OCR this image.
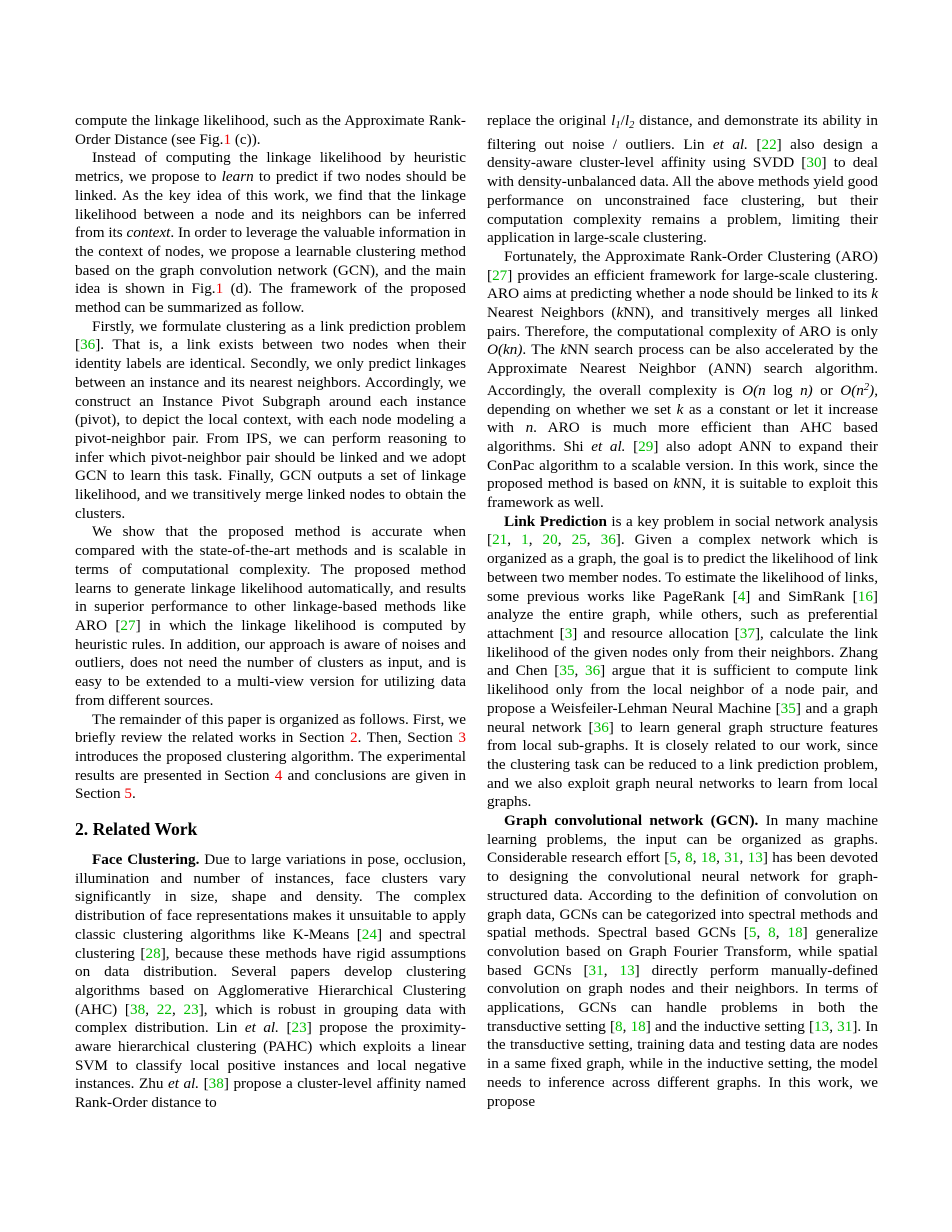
compute the linkage likelihood, such as the Approximate Rank-Order Distance (see Fig.1 (c)).

Instead of computing the linkage likelihood by heuristic metrics, we propose to learn to predict if two nodes should be linked. As the key idea of this work, we find that the linkage likelihood between a node and its neighbors can be inferred from its context. In order to leverage the valuable information in the context of nodes, we propose a learnable clustering method based on the graph convolution network (GCN), and the main idea is shown in Fig.1 (d). The framework of the proposed method can be summarized as follow.

Firstly, we formulate clustering as a link prediction problem [36]. That is, a link exists between two nodes when their identity labels are identical. Secondly, we only predict linkages between an instance and its nearest neighbors. Accordingly, we construct an Instance Pivot Subgraph around each instance (pivot), to depict the local context, with each node modeling a pivot-neighbor pair. From IPS, we can perform reasoning to infer which pivot-neighbor pair should be linked and we adopt GCN to learn this task. Finally, GCN outputs a set of linkage likelihood, and we transitively merge linked nodes to obtain the clusters.

We show that the proposed method is accurate when compared with the state-of-the-art methods and is scalable in terms of computational complexity. The proposed method learns to generate linkage likelihood automatically, and results in superior performance to other linkage-based methods like ARO [27] in which the linkage likelihood is computed by heuristic rules. In addition, our approach is aware of noises and outliers, does not need the number of clusters as input, and is easy to be extended to a multi-view version for utilizing data from different sources.

The remainder of this paper is organized as follows. First, we briefly review the related works in Section 2. Then, Section 3 introduces the proposed clustering algorithm. The experimental results are presented in Section 4 and conclusions are given in Section 5.

2. Related Work

Face Clustering. Due to large variations in pose, occlusion, illumination and number of instances, face clusters vary significantly in size, shape and density. The complex distribution of face representations makes it unsuitable to apply classic clustering algorithms like K-Means [24] and spectral clustering [28], because these methods have rigid assumptions on data distribution. Several papers develop clustering algorithms based on Agglomerative Hierarchical Clustering (AHC) [38, 22, 23], which is robust in grouping data with complex distribution. Lin et al. [23] propose the proximity-aware hierarchical clustering (PAHC) which exploits a linear SVM to classify local positive instances and local negative instances. Zhu et al. [38] propose a cluster-level affinity named Rank-Order distance to

replace the original l1/l2 distance, and demonstrate its ability in filtering out noise / outliers. Lin et al. [22] also design a density-aware cluster-level affinity using SVDD [30] to deal with density-unbalanced data. All the above methods yield good performance on unconstrained face clustering, but their computation complexity remains a problem, limiting their application in large-scale clustering.

Fortunately, the Approximate Rank-Order Clustering (ARO) [27] provides an efficient framework for large-scale clustering. ARO aims at predicting whether a node should be linked to its k Nearest Neighbors (kNN), and transitively merges all linked pairs. Therefore, the computational complexity of ARO is only O(kn). The kNN search process can be also accelerated by the Approximate Nearest Neighbor (ANN) search algorithm. Accordingly, the overall complexity is O(n log n) or $O(n^2)$, depending on whether we set k as a constant or let it increase with n. ARO is much more efficient than AHC based algorithms. Shi et al. [29] also adopt ANN to expand their ConPac algorithm to a scalable version. In this work, since the proposed method is based on kNN, it is suitable to exploit this framework as well.

Link Prediction is a key problem in social network analysis [21, 1, 20, 25, 36]. Given a complex network which is organized as a graph, the goal is to predict the likelihood of link between two member nodes. To estimate the likelihood of links, some previous works like PageRank [4] and SimRank [16] analyze the entire graph, while others, such as preferential attachment [3] and resource allocation [37], calculate the link likelihood of the given nodes only from their neighbors. Zhang and Chen [35, 36] argue that it is sufficient to compute link likelihood only from the local neighbor of a node pair, and propose a Weisfeiler-Lehman Neural Machine [35] and a graph neural network [36] to learn general graph structure features from local sub-graphs. It is closely related to our work, since the clustering task can be reduced to a link prediction problem, and we also exploit graph neural networks to learn from local graphs.

Graph convolutional network (GCN). In many machine learning problems, the input can be organized as graphs. Considerable research effort [5, 8, 18, 31, 13] has been devoted to designing the convolutional neural network for graph-structured data. According to the definition of convolution on graph data, GCNs can be categorized into spectral methods and spatial methods. Spectral based GCNs [5, 8, 18] generalize convolution based on Graph Fourier Transform, while spatial based GCNs [31, 13] directly perform manually-defined convolution on graph nodes and their neighbors. In terms of applications, GCNs can handle problems in both the transductive setting [8, 18] and the inductive setting [13, 31]. In the transductive setting, training data and testing data are nodes in a same fixed graph, while in the inductive setting, the model needs to inference across different graphs. In this work, we propose
